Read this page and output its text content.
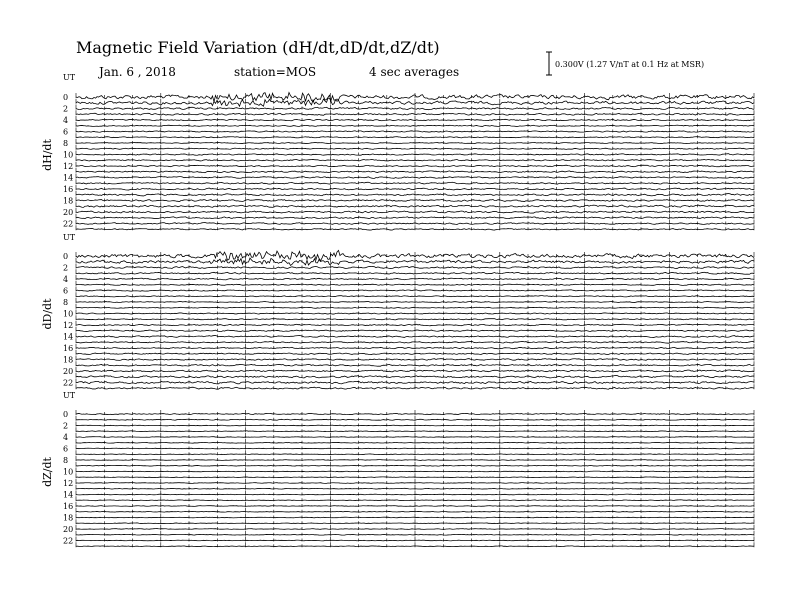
Magnetic Field Variation (dH/dt,dD/dt,dZ/dt)
Jan. 6 , 2018	station=MOS	4 sec averages
0.300V (1.27 V/nT at 0.1 Hz at MSR)
UT
dH/dt
0
2
4
6
8
10
12
14
16
18
20
22
UT
dD/dt
0
2
4
6
8
10
12
14
16
18
20
22
UT
dZ/dt
0
2
4
6
8
10
12
14
16
18
20
22
